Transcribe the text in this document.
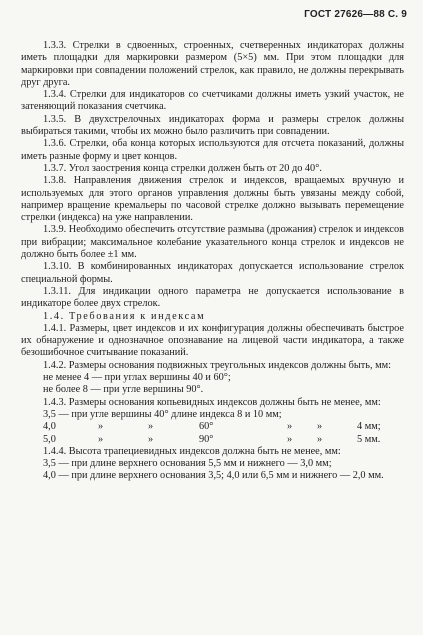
ГОСТ 27626—88 С. 9

1.3.3. Стрелки в сдвоенных, строенных, счетверенных индикаторах должны иметь площадки для маркировки размером (5×5) мм. При этом площадки для маркировки при совпадении положений стрелок, как правило, не должны перекрывать друг друга.

1.3.4. Стрелки для индикаторов со счетчиками должны иметь узкий участок, не затеняющий показания счетчика.

1.3.5. В двухстрелочных индикаторах форма и размеры стрелок должны выбираться такими, чтобы их можно было различить при совпадении.

1.3.6. Стрелки, оба конца которых используются для отсчета показаний, должны иметь разные форму и цвет концов.

1.3.7. Угол заострения конца стрелки должен быть от 20 до 40°.

1.3.8. Направления движения стрелок и индексов, вращаемых вручную и используемых для этого органов управления должны быть увязаны между собой, например вращение кремальеры по часовой стрелке должно вызывать перемещение стрелки (индекса) на уже направлении.

1.3.9. Необходимо обеспечить отсутствие размыва (дрожания) стрелок и индексов при вибрации; максимальное колебание указательного конца стрелок и индексов не должно быть более ±1 мм.

1.3.10. В комбинированных индикаторах допускается использование стрелок специальной формы.

1.3.11. Для индикации одного параметра не допускается использование в индикаторе более двух стрелок.

1.4. Требования к индексам

1.4.1. Размеры, цвет индексов и их конфигурация должны обеспечивать быстрое их обнаружение и однозначное опознавание на лицевой части индикатора, а также безошибочное считывание показаний.

1.4.2. Размеры основания подвижных треугольных индексов должны быть, мм:

не менее 4 — при углах вершины 40 и 60°;

не более 8 — при угле вершины 90°.

1.4.3. Размеры основания копьевидных индексов должны быть не менее, мм:

3,5 — при угле вершины 40° длине индекса 8 и 10 мм;

4,0	»	»	60°	»	»	4 мм;
5,0	»	»	90°	»	»	5 мм.

1.4.4. Высота трапециевидных индексов должна быть не менее, мм:

3,5 — при длине верхнего основания 5,5 мм и нижнего — 3,0 мм;

4,0 — при длине верхнего основания 3,5; 4,0 или 6,5 мм и нижнего — 2,0 мм.
